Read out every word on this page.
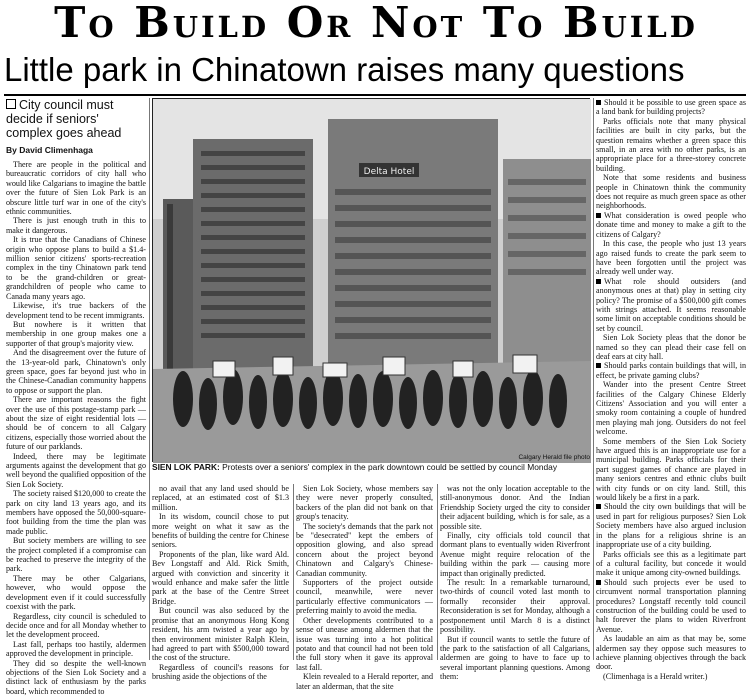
To Build Or Not To Build
Little park in Chinatown raises many questions
City council must decide if seniors' complex goes ahead
By David Climenhaga

There are people in the political and bureaucratic corridors of city hall who would like Calgarians to imagine the battle over the future of Sien Lok Park is an obscure little turf war in one of the city's ethnic communities.

There is just enough truth in this to make it dangerous.

It is true that the Canadians of Chinese origin who oppose plans to build a $1.4-million senior citizens' sports-recreation complex in the tiny Chinatown park tend to be the grand-children or great-grandchildren of people who came to Canada many years ago.

Likewise, it's true backers of the development tend to be recent immigrants.

But nowhere is it written that membership in one group makes one a supporter of that group's majority view.

And the disagreement over the future of the 13-year-old park, Chinatown's only green space, goes far beyond just who in the Chinese-Canadian community happens to oppose or support the plan.

There are important reasons the fight over the use of this postage-stamp park — about the size of eight residential lots — should be of concern to all Calgary citizens, especially those worried about the future of our parklands.

Indeed, there may be legitimate arguments against the development that go well beyond the qualified opposition of the Sien Lok Society.

The society raised $120,000 to create the park on city land 13 years ago, and its members have opposed the 50,000-square-foot building from the time the plan was made public.

But society members are willing to see the project completed if a compromise can be reached to preserve the integrity of the park.

There may be other Calgarians, however, who would oppose the development even if it could successfully coexist with the park.

Regardless, city council is scheduled to decide once and for all Monday whether to let the development proceed.

Last fall, perhaps too hastily, aldermen approved the development in principle.

They did so despite the well-known objections of the Sien Lok Society and a distinct lack of enthusiasm by the parks board, which recommended to

Delta Hotel
SIEN LOK PARK: Protests over a seniors' complex in the park downtown could be settled by council Monday
Calgary Herald file photo

no avail that any land used should be replaced, at an estimated cost of $1.3 million.

In its wisdom, council chose to put more weight on what it saw as the benefits of building the centre for Chinese seniors.

Proponents of the plan, like ward Ald. Bev Longstaff and Ald. Rick Smith, argued with conviction and sincerity it would enhance and make safer the little park at the base of the Centre Street Bridge.

But council was also seduced by the promise that an anonymous Hong Kong resident, his arm twisted a year ago by then environment minister Ralph Klein, had agreed to part with $500,000 toward the cost of the structure.

Regardless of council's reasons for brushing aside the objections of the

Sien Lok Society, whose members say they were never properly consulted, backers of the plan did not bank on that group's tenacity.

The society's demands that the park not be "desecrated" kept the embers of opposition glowing, and also spread concern about the project beyond Chinatown and Calgary's Chinese-Canadian community.

Supporters of the project outside council, meanwhile, were never particularly effective communicators — preferring mainly to avoid the media.

Other developments contributed to a sense of unease among aldermen that the issue was turning into a hot political potato and that council had not been told the full story when it gave its approval last fall.

Klein revealed to a Herald reporter, and later an alderman, that the site

was not the only location acceptable to the still-anonymous donor. And the Indian Friendship Society urged the city to consider their adjacent building, which is for sale, as a possible site.

Finally, city officials told council that dormant plans to eventually widen Riverfront Avenue might require relocation of the building within the park — causing more impact than originally predicted.

The result: In a remarkable turnaround, two-thirds of council voted last month to formally reconsider their approval. Reconsideration is set for Monday, although a postponement until March 8 is a distinct possibility.

But if council wants to settle the future of the park to the satisfaction of all Calgarians, aldermen are going to have to face up to several important planning questions. Among them:

Should it be possible to use green space as a land bank for building projects?

Parks officials note that many physical facilities are built in city parks, but the question remains whether a green space this small, in an area with no other parks, is an appropriate place for a three-storey concrete building.

Note that some residents and business people in Chinatown think the community does not require as much green space as other neighborhoods.

What consideration is owed people who donate time and money to make a gift to the citizens of Calgary?

In this case, the people who just 13 years ago raised funds to create the park seem to have been forgotten until the project was already well under way.

What role should outsiders (and anonymous ones at that) play in setting city policy? The promise of a $500,000 gift comes with strings attached. It seems reasonable some limit on acceptable conditions should be set by council.

Sien Lok Society pleas that the donor be named so they can plead their case fell on deaf ears at city hall.

Should parks contain buildings that will, in effect, be private gaming clubs?

Wander into the present Centre Street facilities of the Calgary Chinese Elderly Citizens' Association and you will enter a smoky room containing a couple of hundred men playing mah jong. Outsiders do not feel welcome.

Some members of the Sien Lok Society have argued this is an inappropriate use for a municipal building. Parks officials for their part suggest games of chance are played in many seniors centres and ethnic clubs built with city funds or on city land. Still, this would likely be a first in a park.

Should the city own buildings that will be used in part for religious purposes? Sien Lok Society members have also argued inclusion in the plans for a religious shrine is an inappropriate use of a city building.

Parks officials see this as a legitimate part of a cultural facility, but concede it would make it unique among city-owned buildings.

Should such projects ever be used to circumvent normal transportation planning procedures? Longstaff recently told council construction of the building could be used to halt forever the plans to widen Riverfront Avenue.

As laudable an aim as that may be, some aldermen say they oppose such measures to achieve planning objectives through the back door.

(Climenhaga is a Herald writer.)
